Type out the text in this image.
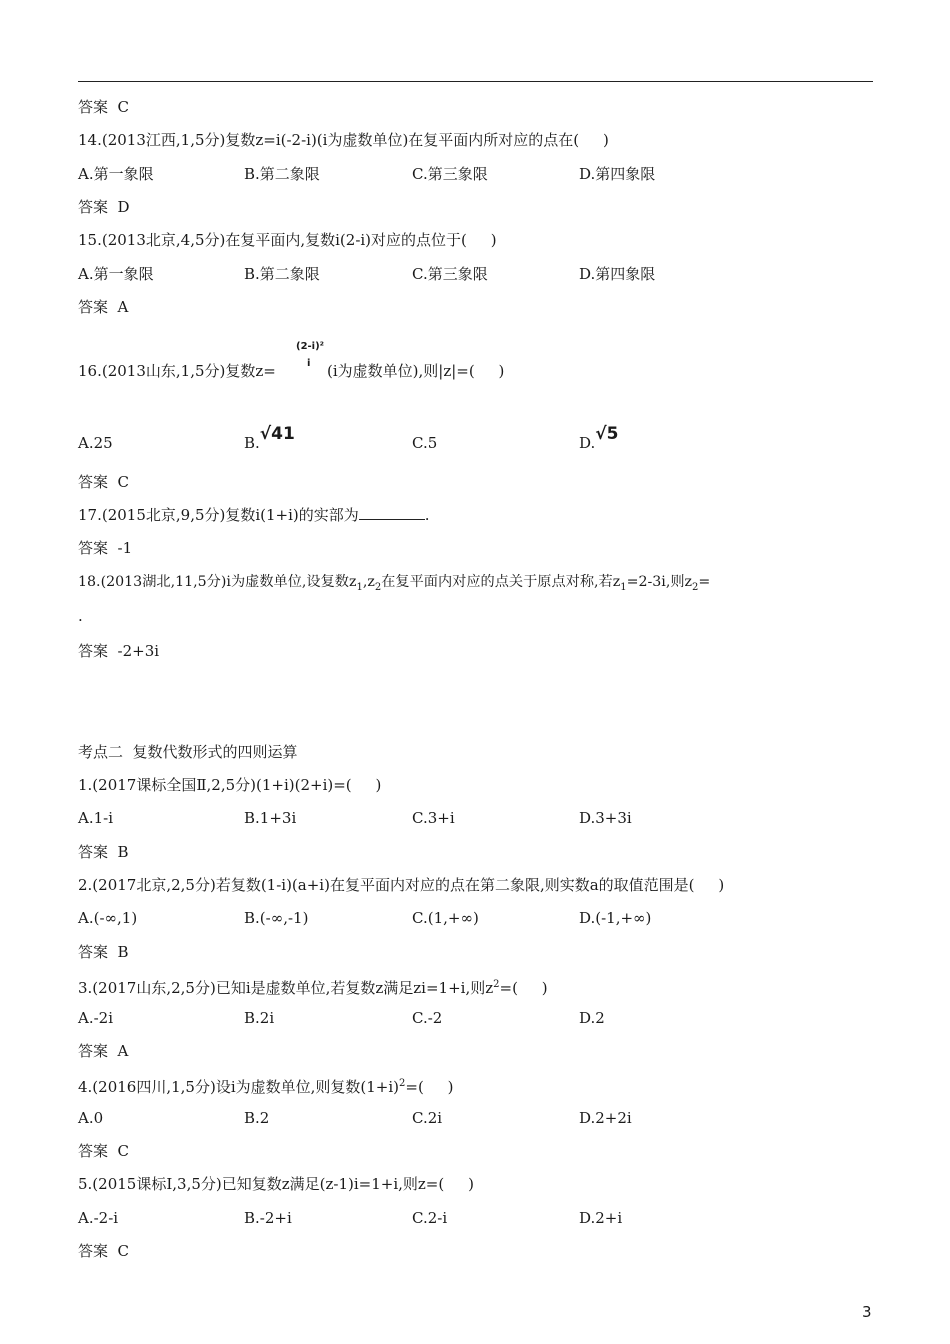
答案  C
14.(2013江西,1,5分)复数z=i(-2-i)(i为虚数单位)在复平面内所对应的点在(     )
A.第一象限	B.第二象限	C.第三象限	D.第四象限
答案  D
15.(2013北京,4,5分)在复平面内,复数i(2-i)对应的点位于(     )
A.第一象限	B.第二象限	C.第三象限	D.第四象限
答案  A
16.(2013山东,1,5分)复数z=
(2-i)²
i (i为虚数单位),则|z|=(     )
A.25	B.√41	C.5	D.√5
答案  C
17.(2015北京,9,5分)复数i(1+i)的实部为	.
答案  -1
18.(2013湖北,11,5分)i为虚数单位,设复数$z_1,z_2$在复平面内对应的点关于原点对称,若$z_1=2-3i$,则$z_2=$
.
答案  -2+3i
考点二  复数代数形式的四则运算
1.(2017课标全国Ⅱ,2,5分)(1+i)(2+i)=(     )
A.1-i	B.1+3i	C.3+i	D.3+3i
答案  B
2.(2017北京,2,5分)若复数(1-i)(a+i)在复平面内对应的点在第二象限,则实数a的取值范围是(     )
A.(-∞,1)	B.(-∞,-1)	C.(1,+∞)	D.(-1,+∞)
答案  B
3.(2017山东,2,5分)已知i是虚数单位,若复数z满足zi=1+i,则$z^2=$(     )
A.-2i	B.2i	C.-2	D.2
答案  A
4.(2016四川,1,5分)设i为虚数单位,则复数$(1+i)^2=$(     )
A.0	B.2	C.2i	D.2+2i
答案  C
5.(2015课标Ⅰ,3,5分)已知复数z满足(z-1)i=1+i,则z=(     )
A.-2-i	B.-2+i	C.2-i	D.2+i
答案  C
3
